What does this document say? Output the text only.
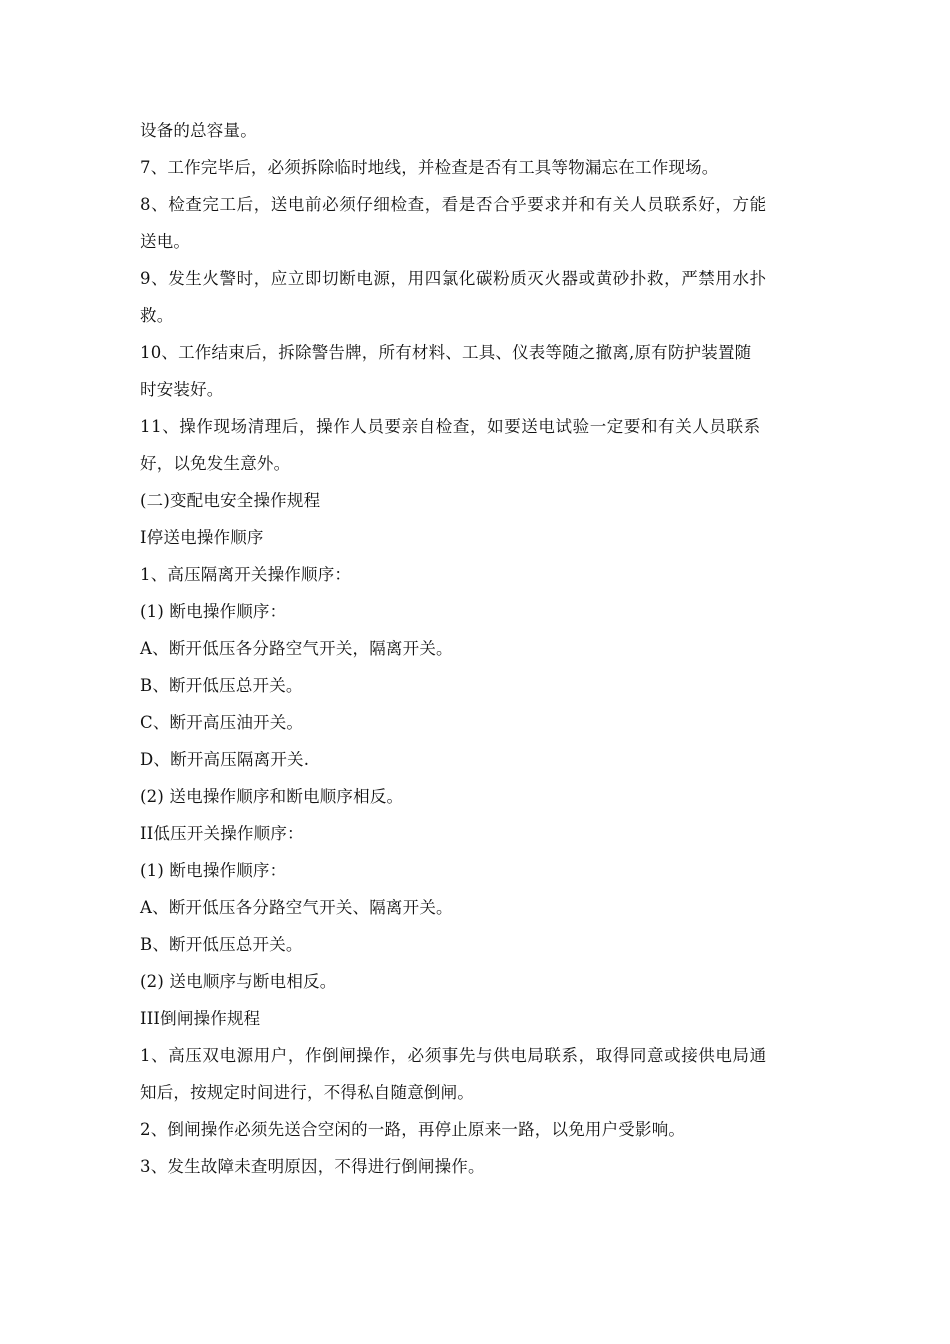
设备的总容量。

7、工作完毕后，必须拆除临时地线，并检查是否有工具等物漏忘在工作现场。

8、检查完工后，送电前必须仔细检查，看是否合乎要求并和有关人员联系好，方能

送电。

9、发生火警时，应立即切断电源，用四氯化碳粉质灭火器或黄砂扑救，严禁用水扑

救。

10、工作结束后，拆除警告牌，所有材料、工具、仪表等随之撤离,原有防护装置随

时安装好。

11、操作现场清理后，操作人员要亲自检查，如要送电试验一定要和有关人员联系

好，以免发生意外。

(二)变配电安全操作规程

I停送电操作顺序

1、高压隔离开关操作顺序：

(1) 断电操作顺序：

A、断开低压各分路空气开关，隔离开关。

B、断开低压总开关。

C、断开高压油开关。

D、断开高压隔离开关.

(2) 送电操作顺序和断电顺序相反。

II低压开关操作顺序：

(1) 断电操作顺序：

A、断开低压各分路空气开关、隔离开关。

B、断开低压总开关。

(2) 送电顺序与断电相反。

III倒闸操作规程

1、高压双电源用户，作倒闸操作，必须事先与供电局联系，取得同意或接供电局通

知后，按规定时间进行，不得私自随意倒闸。

2、倒闸操作必须先送合空闲的一路，再停止原来一路，以免用户受影响。

3、发生故障未查明原因，不得进行倒闸操作。
